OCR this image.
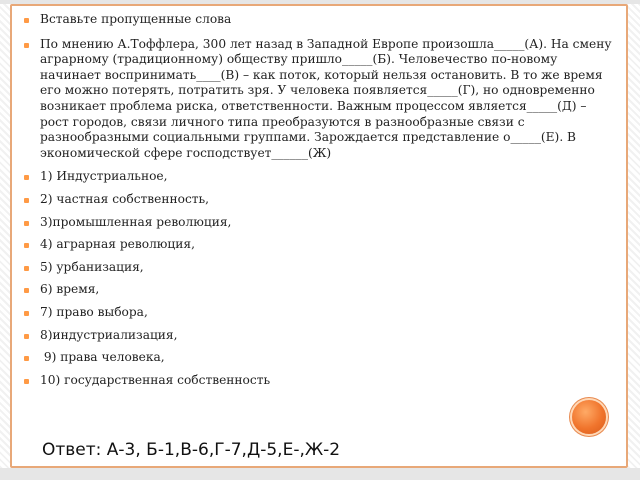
Вставьте пропущенные слова
По мнению А.Тоффлера, 300 лет назад в Западной Европе произошла_____(А). На смену аграрному (традиционному) обществу пришло_____(Б). Человечество по-новому начинает воспринимать____(В) – как поток, который нельзя остановить. В то же время его можно потерять, потратить зря. У человека появляется_____(Г), но одновременно возникает проблема риска, ответственности. Важным процессом является_____(Д) – рост городов, связи личного типа преобразуются в разнообразные связи с разнообразными социальными группами. Зарождается представление о_____(Е). В экономической сфере господствует______(Ж)
1) Индустриальное,
2) частная собственность,
3)промышленная революция,
4) аграрная революция,
5) урбанизация,
6) время,
7) право выбора,
8)индустриализация,
9) права человека,
10) государственная собственность
Ответ: А-3, Б-1,В-6,Г-7,Д-5,Е-,Ж-2
